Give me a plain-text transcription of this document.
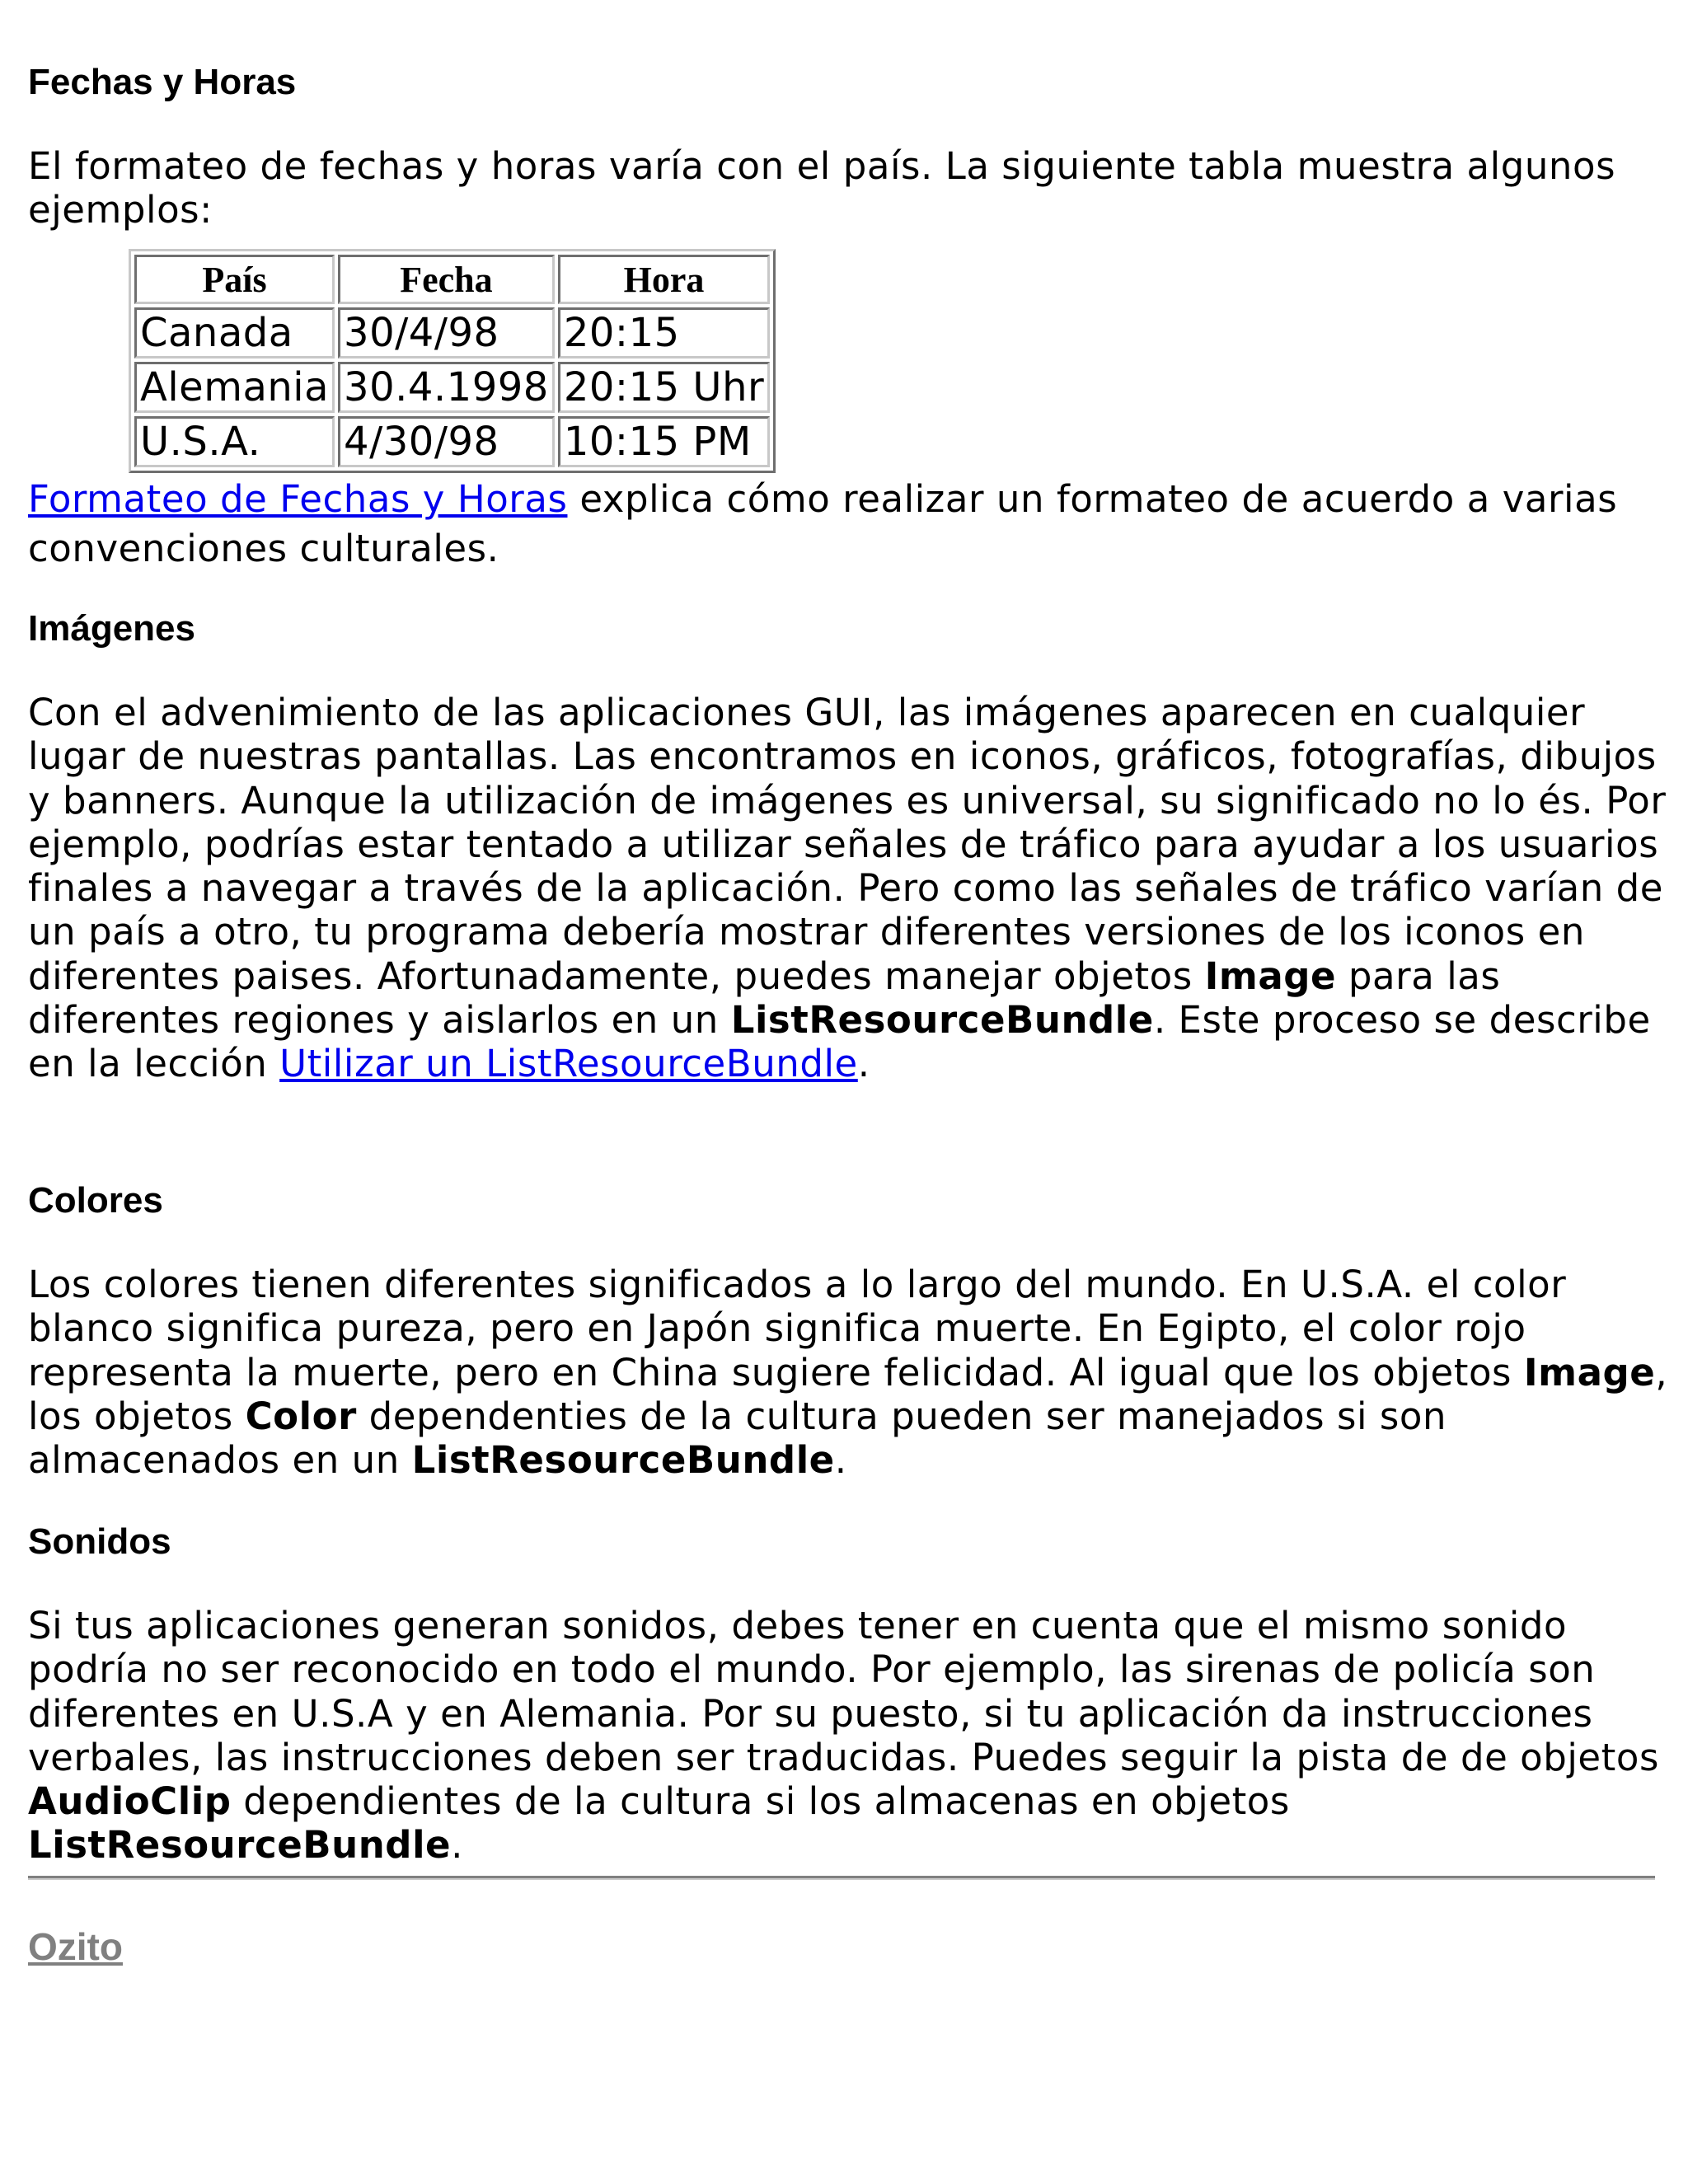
Fechas y Horas

El formateo de fechas y horas varía con el país. La siguiente tabla muestra algunos ejemplos:

País	Fecha	Hora
Canada	30/4/98	20:15
Alemania	30.4.1998	20:15 Uhr
U.S.A.	4/30/98	10:15 PM

Formateo de Fechas y Horas explica cómo realizar un formateo de acuerdo a varias convenciones culturales.

Imágenes

Con el advenimiento de las aplicaciones GUI, las imágenes aparecen en cualquier lugar de nuestras pantallas. Las encontramos en iconos, gráficos, fotografías, dibujos y banners. Aunque la utilización de imágenes es universal, su significado no lo és. Por ejemplo, podrías estar tentado a utilizar señales de tráfico para ayudar a los usuarios finales a navegar a través de la aplicación. Pero como las señales de tráfico varían de un país a otro, tu programa debería mostrar diferentes versiones de los iconos en diferentes paises. Afortunadamente, puedes manejar objetos Image para las diferentes regiones y aislarlos en un ListResourceBundle. Este proceso se describe en la lección Utilizar un ListResourceBundle.

Colores

Los colores tienen diferentes significados a lo largo del mundo. En U.S.A. el color blanco significa pureza, pero en Japón significa muerte. En Egipto, el color rojo representa la muerte, pero en China sugiere felicidad. Al igual que los objetos Image, los objetos Color dependenties de la cultura pueden ser manejados si son almacenados en un ListResourceBundle.

Sonidos

Si tus aplicaciones generan sonidos, debes tener en cuenta que el mismo sonido podría no ser reconocido en todo el mundo. Por ejemplo, las sirenas de policía son diferentes en U.S.A y en Alemania. Por su puesto, si tu aplicación da instrucciones verbales, las instrucciones deben ser traducidas. Puedes seguir la pista de de objetos AudioClip dependientes de la cultura si los almacenas en objetos ListResourceBundle.

Ozito
